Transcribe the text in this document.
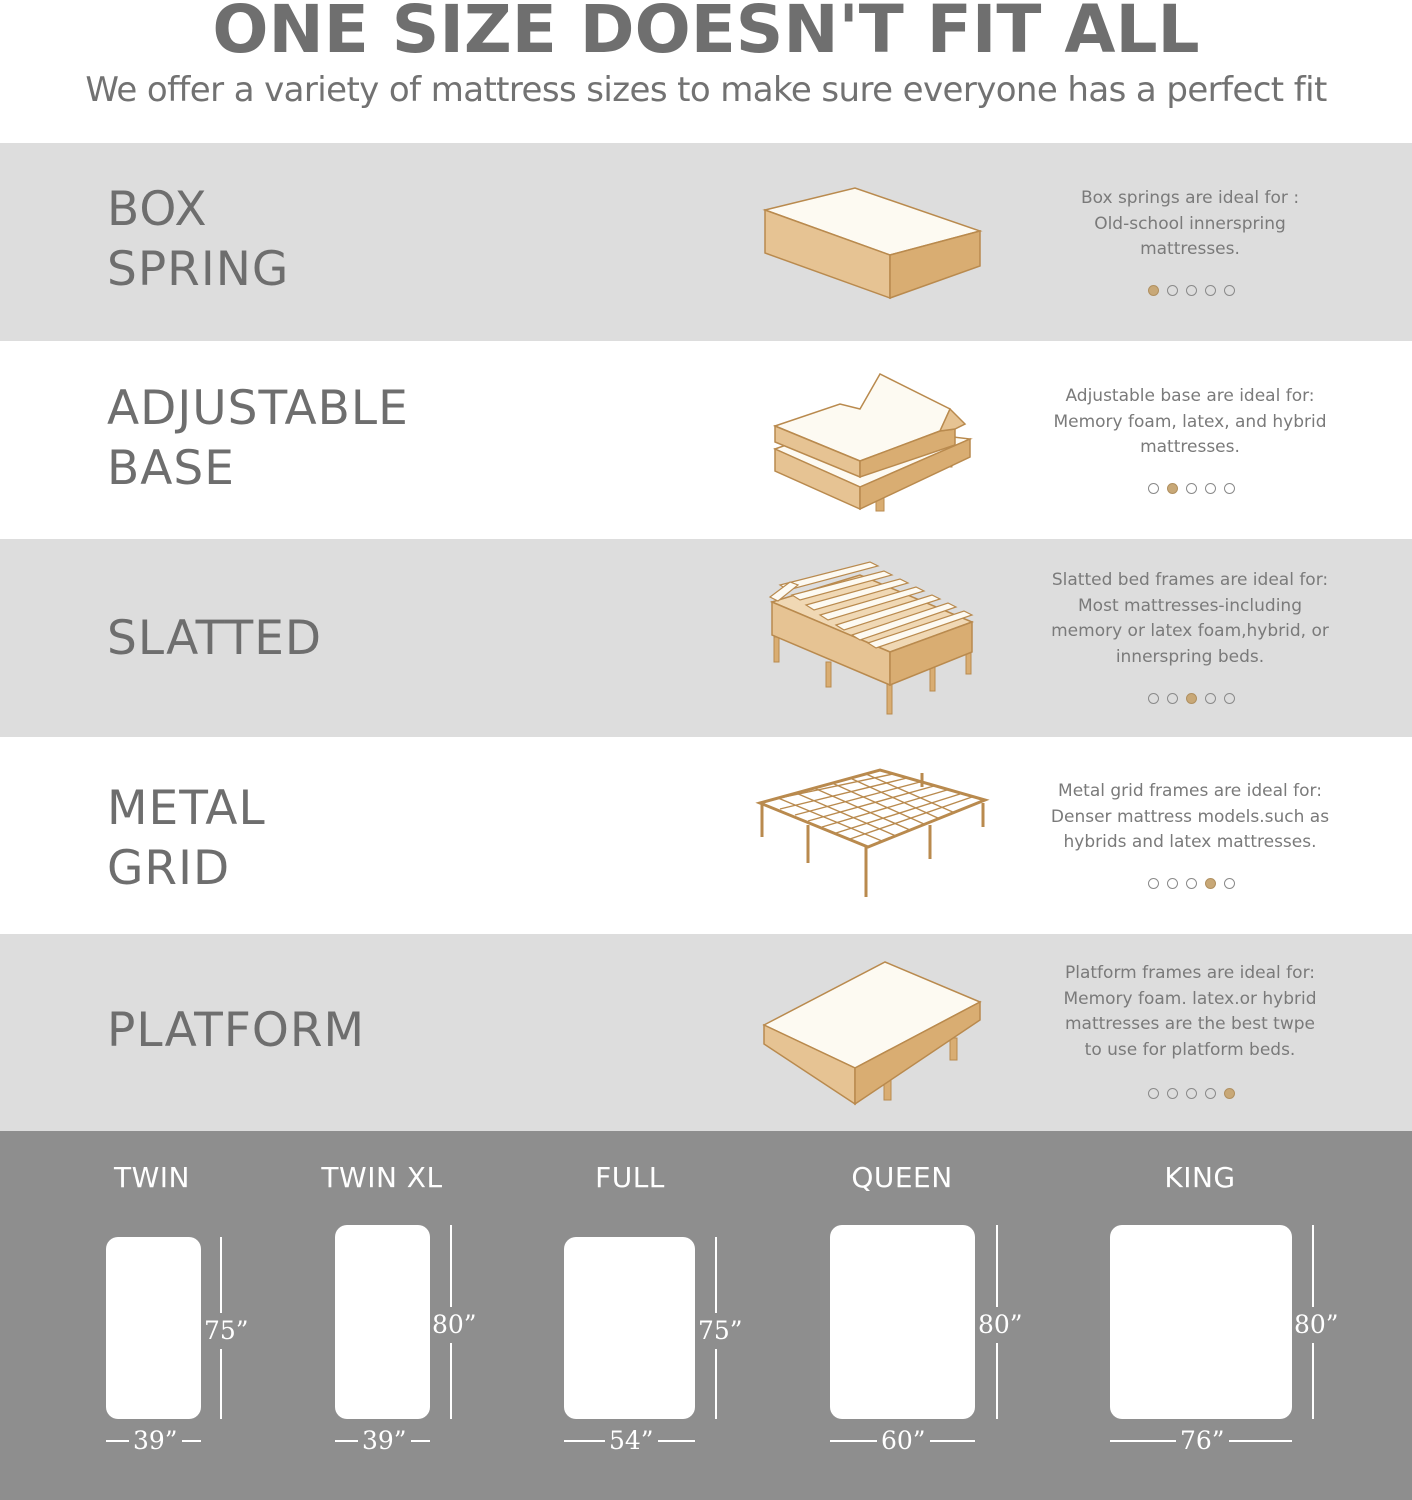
ONE SIZE DOESN'T FIT ALL

We offer a variety of mattress sizes to make sure everyone has a perfect fit

BOX
SPRING
Box springs are ideal for :
Old-school innerspring
mattresses.
ADJUSTABLE
BASE
Adjustable base are ideal for:
Memory foam, latex, and hybrid
mattresses.
SLATTED
Slatted bed frames are ideal for:
Most mattresses-including
memory or latex foam,hybrid, or
innerspring beds.
METAL
GRID
Metal grid frames are ideal for:
Denser mattress models.such as
hybrids and latex mattresses.
PLATFORM
Platform frames are ideal for:
Memory foam. latex.or hybrid
mattresses are the best twpe
to use for platform beds.
TWIN
75”
39”
TWIN XL
80”
39”
FULL
75”
54”
QUEEN
80”
60”
KING
80”
76”
